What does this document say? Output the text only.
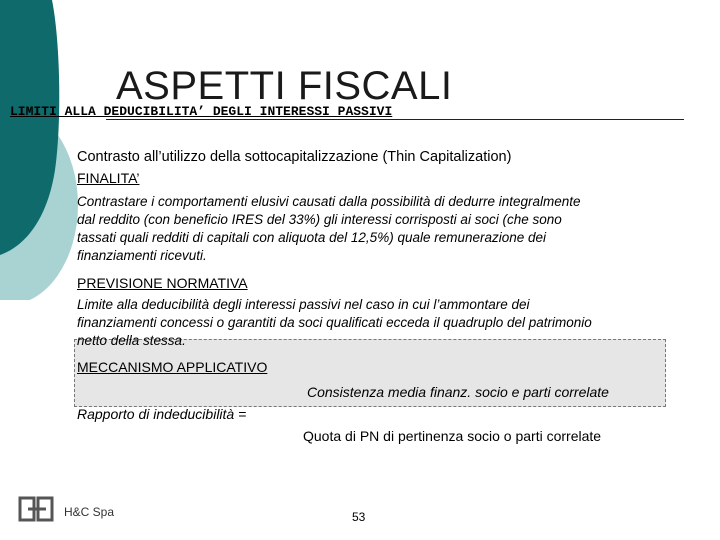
ASPETTI FISCALI
LIMITI ALLA DEDUCIBILITA’ DEGLI INTERESSI PASSIVI
Contrasto all’utilizzo della sottocapitalizzazione (Thin Capitalization)
FINALITA’
Contrastare i comportamenti elusivi causati dalla possibilità di dedurre integralmente
dal reddito (con beneficio IRES del 33%) gli interessi corrisposti ai soci (che sono
tassati quali redditi di capitali con aliquota del 12,5%) quale remunerazione dei
finanziamenti ricevuti.
PREVISIONE NORMATIVA
Limite alla deducibilità degli interessi passivi nel caso in cui l’ammontare dei
finanziamenti concessi o garantiti da soci qualificati ecceda il quadruplo del patrimonio
netto della stessa.
MECCANISMO APPLICATIVO
Consistenza media finanz. socio e parti correlate
Rapporto di indeducibilità =
Quota di PN di pertinenza socio o parti correlate
H&C Spa	53
